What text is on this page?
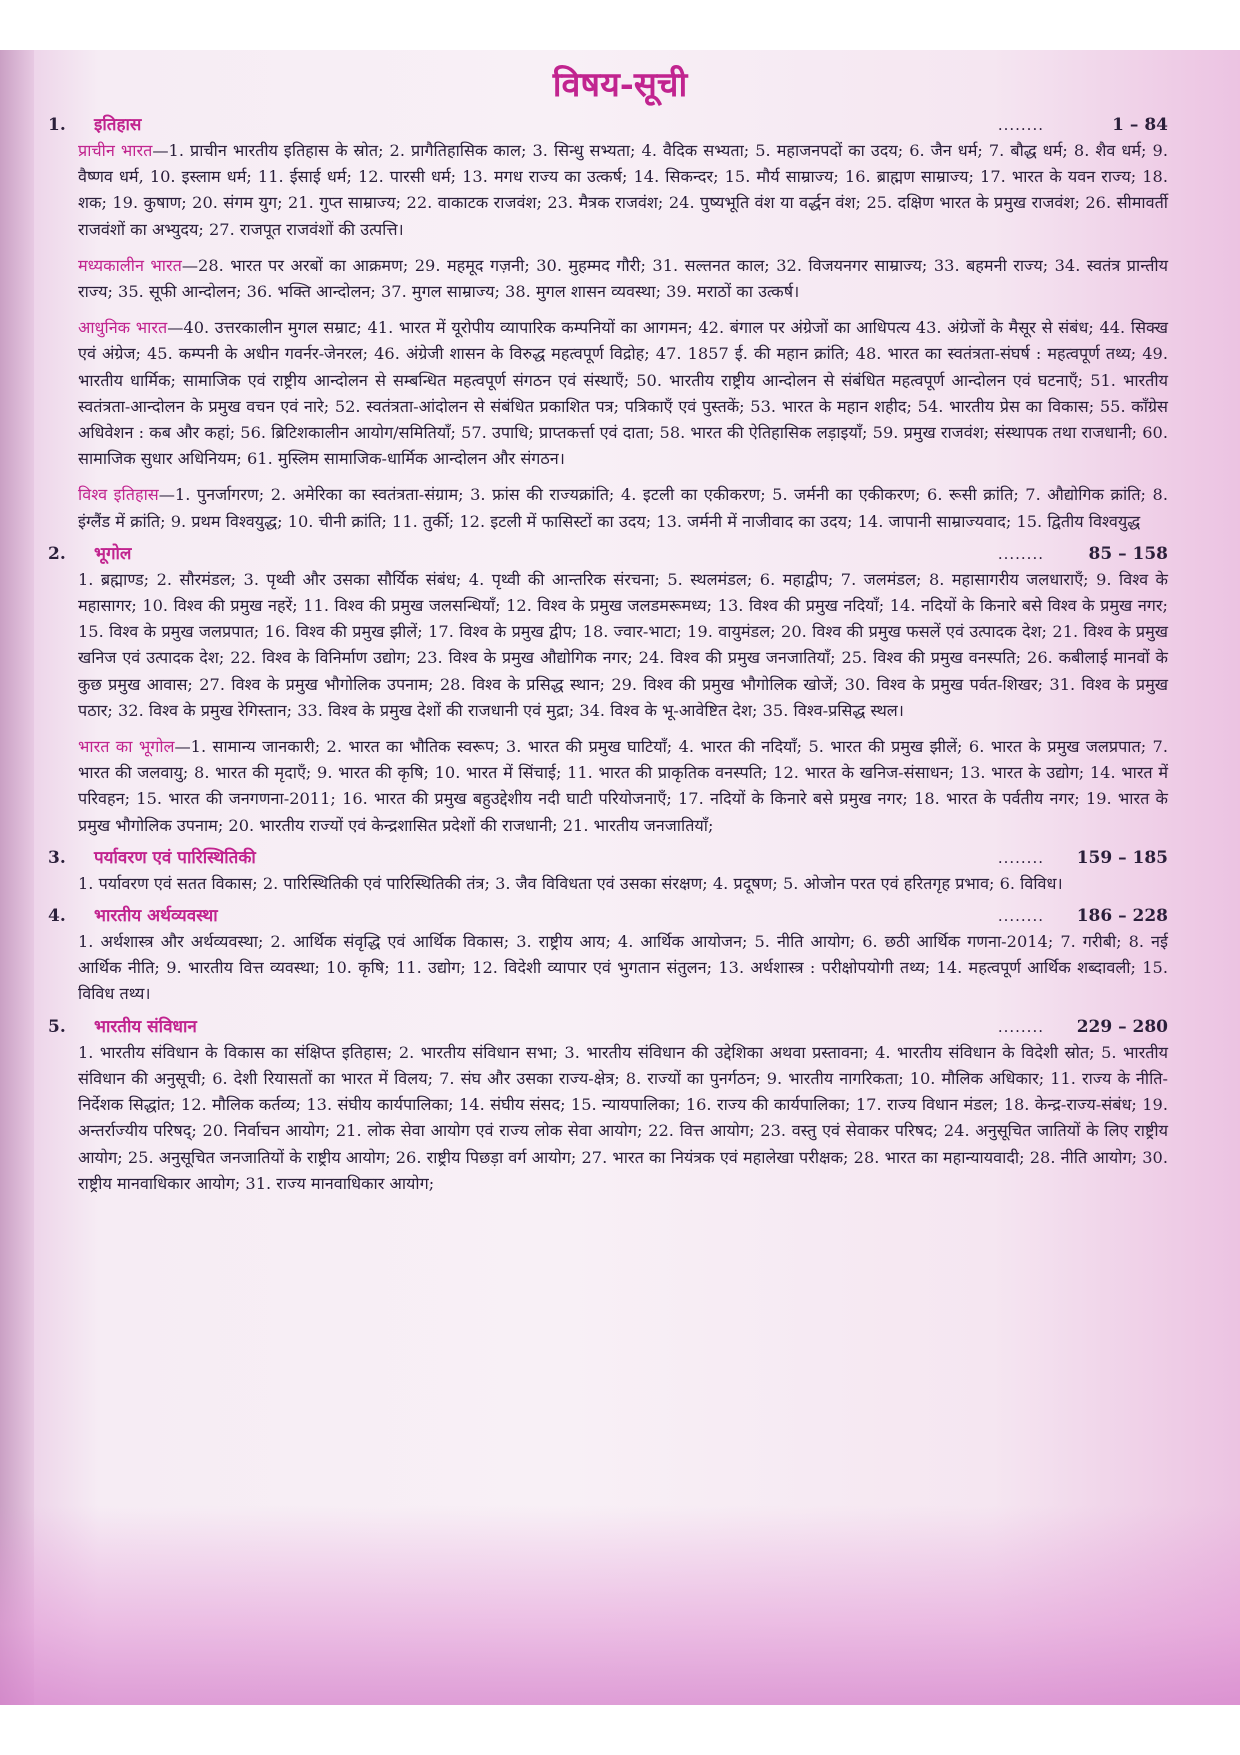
विषय-सूची
1.	इतिहास	........	1 – 84

प्राचीन भारत—1. प्राचीन भारतीय इतिहास के स्रोत; 2. प्रागैतिहासिक काल; 3. सिन्धु सभ्यता; 4. वैदिक सभ्यता; 5. महाजनपदों का उदय; 6. जैन धर्म; 7. बौद्ध धर्म; 8. शैव धर्म; 9. वैष्णव धर्म, 10. इस्लाम धर्म; 11. ईसाई धर्म; 12. पारसी धर्म; 13. मगध राज्य का उत्कर्ष; 14. सिकन्दर; 15. मौर्य साम्राज्य; 16. ब्राह्मण साम्राज्य; 17. भारत के यवन राज्य; 18. शक; 19. कुषाण; 20. संगम युग; 21. गुप्त साम्राज्य; 22. वाकाटक राजवंश; 23. मैत्रक राजवंश; 24. पुष्यभूति वंश या वर्द्धन वंश; 25. दक्षिण भारत के प्रमुख राजवंश; 26. सीमावर्ती राजवंशों का अभ्युदय; 27. राजपूत राजवंशों की उत्पत्ति।

मध्यकालीन भारत—28. भारत पर अरबों का आक्रमण; 29. महमूद गज़नी; 30. मुहम्मद गौरी; 31. सल्तनत काल; 32. विजयनगर साम्राज्य; 33. बहमनी राज्य; 34. स्वतंत्र प्रान्तीय राज्य; 35. सूफी आन्दोलन; 36. भक्ति आन्दोलन; 37. मुगल साम्राज्य; 38. मुगल शासन व्यवस्था; 39. मराठों का उत्कर्ष।

आधुनिक भारत—40. उत्तरकालीन मुगल सम्राट; 41. भारत में यूरोपीय व्यापारिक कम्पनियों का आगमन; 42. बंगाल पर अंग्रेजों का आधिपत्य 43. अंग्रेजों के मैसूर से संबंध; 44. सिक्ख एवं अंग्रेज; 45. कम्पनी के अधीन गवर्नर-जेनरल; 46. अंग्रेजी शासन के विरुद्ध महत्वपूर्ण विद्रोह; 47. 1857 ई. की महान क्रांति; 48. भारत का स्वतंत्रता-संघर्ष : महत्वपूर्ण तथ्य; 49. भारतीय धार्मिक; सामाजिक एवं राष्ट्रीय आन्दोलन से सम्बन्धित महत्वपूर्ण संगठन एवं संस्थाएँ; 50. भारतीय राष्ट्रीय आन्दोलन से संबंधित महत्वपूर्ण आन्दोलन एवं घटनाएँ; 51. भारतीय स्वतंत्रता-आन्दोलन के प्रमुख वचन एवं नारे; 52. स्वतंत्रता-आंदोलन से संबंधित प्रकाशित पत्र; पत्रिकाएँ एवं पुस्तकें; 53. भारत के महान शहीद; 54. भारतीय प्रेस का विकास; 55. काँग्रेस अधिवेशन : कब और कहां; 56. ब्रिटिशकालीन आयोग/समितियाँ; 57. उपाधि; प्राप्तकर्त्ता एवं दाता; 58. भारत की ऐतिहासिक लड़ाइयाँ; 59. प्रमुख राजवंश; संस्थापक तथा राजधानी; 60. सामाजिक सुधार अधिनियम; 61. मुस्लिम सामाजिक-धार्मिक आन्दोलन और संगठन।

विश्व इतिहास—1. पुनर्जागरण; 2. अमेरिका का स्वतंत्रता-संग्राम; 3. फ्रांस की राज्यक्रांति; 4. इटली का एकीकरण; 5. जर्मनी का एकीकरण; 6. रूसी क्रांति; 7. औद्योगिक क्रांति; 8. इंग्लैंड में क्रांति; 9. प्रथम विश्वयुद्ध; 10. चीनी क्रांति; 11. तुर्की; 12. इटली में फासिस्टों का उदय; 13. जर्मनी में नाजीवाद का उदय; 14. जापानी साम्राज्यवाद; 15. द्वितीय विश्वयुद्ध

2.	भूगोल	........	85 – 158

1. ब्रह्माण्ड; 2. सौरमंडल; 3. पृथ्वी और उसका सौर्यिक संबंध; 4. पृथ्वी की आन्तरिक संरचना; 5. स्थलमंडल; 6. महाद्वीप; 7. जलमंडल; 8. महासागरीय जलधाराएँ; 9. विश्व के महासागर; 10. विश्व की प्रमुख नहरें; 11. विश्व की प्रमुख जलसन्धियाँ; 12. विश्व के प्रमुख जलडमरूमध्य; 13. विश्व की प्रमुख नदियाँ; 14. नदियों के किनारे बसे विश्व के प्रमुख नगर; 15. विश्व के प्रमुख जलप्रपात; 16. विश्व की प्रमुख झीलें; 17. विश्व के प्रमुख द्वीप; 18. ज्वार-भाटा; 19. वायुमंडल; 20. विश्व की प्रमुख फसलें एवं उत्पादक देश; 21. विश्व के प्रमुख खनिज एवं उत्पादक देश; 22. विश्व के विनिर्माण उद्योग; 23. विश्व के प्रमुख औद्योगिक नगर; 24. विश्व की प्रमुख जनजातियाँ; 25. विश्व की प्रमुख वनस्पति; 26. कबीलाई मानवों के कुछ प्रमुख आवास; 27. विश्व के प्रमुख भौगोलिक उपनाम; 28. विश्व के प्रसिद्ध स्थान; 29. विश्व की प्रमुख भौगोलिक खोजें; 30. विश्व के प्रमुख पर्वत-शिखर; 31. विश्व के प्रमुख पठार; 32. विश्व के प्रमुख रेगिस्तान; 33. विश्व के प्रमुख देशों की राजधानी एवं मुद्रा; 34. विश्व के भू-आवेष्टित देश; 35. विश्व-प्रसिद्ध स्थल।

भारत का भूगोल—1. सामान्य जानकारी; 2. भारत का भौतिक स्वरूप; 3. भारत की प्रमुख घाटियाँ; 4. भारत की नदियाँ; 5. भारत की प्रमुख झीलें; 6. भारत के प्रमुख जलप्रपात; 7. भारत की जलवायु; 8. भारत की मृदाएँ; 9. भारत की कृषि; 10. भारत में सिंचाई; 11. भारत की प्राकृतिक वनस्पति; 12. भारत के खनिज-संसाधन; 13. भारत के उद्योग; 14. भारत में परिवहन; 15. भारत की जनगणना-2011; 16. भारत की प्रमुख बहुउद्देशीय नदी घाटी परियोजनाएँ; 17. नदियों के किनारे बसे प्रमुख नगर; 18. भारत के पर्वतीय नगर; 19. भारत के प्रमुख भौगोलिक उपनाम; 20. भारतीय राज्यों एवं केन्द्रशासित प्रदेशों की राजधानी; 21. भारतीय जनजातियाँ;

3.	पर्यावरण एवं पारिस्थितिकी	........	159 – 185

1. पर्यावरण एवं सतत विकास; 2. पारिस्थितिकी एवं पारिस्थितिकी तंत्र; 3. जैव विविधता एवं उसका संरक्षण; 4. प्रदूषण; 5. ओजोन परत एवं हरितगृह प्रभाव; 6. विविध।

4.	भारतीय अर्थव्यवस्था	........	186 – 228

1. अर्थशास्त्र और अर्थव्यवस्था; 2. आर्थिक संवृद्धि एवं आर्थिक विकास; 3. राष्ट्रीय आय; 4. आर्थिक आयोजन; 5. नीति आयोग; 6. छठी आर्थिक गणना-2014; 7. गरीबी; 8. नई आर्थिक नीति; 9. भारतीय वित्त व्यवस्था; 10. कृषि; 11. उद्योग; 12. विदेशी व्यापार एवं भुगतान संतुलन; 13. अर्थशास्त्र : परीक्षोपयोगी तथ्य; 14. महत्वपूर्ण आर्थिक शब्दावली; 15. विविध तथ्य।

5.	भारतीय संविधान	........	229 – 280

1. भारतीय संविधान के विकास का संक्षिप्त इतिहास; 2. भारतीय संविधान सभा; 3. भारतीय संविधान की उद्देशिका अथवा प्रस्तावना; 4. भारतीय संविधान के विदेशी स्रोत; 5. भारतीय संविधान की अनुसूची; 6. देशी रियासतों का भारत में विलय; 7. संघ और उसका राज्य-क्षेत्र; 8. राज्यों का पुनर्गठन; 9. भारतीय नागरिकता; 10. मौलिक अधिकार; 11. राज्य के नीति-निर्देशक सिद्धांत; 12. मौलिक कर्तव्य; 13. संघीय कार्यपालिका; 14. संघीय संसद; 15. न्यायपालिका; 16. राज्य की कार्यपालिका; 17. राज्य विधान मंडल; 18. केन्द्र-राज्य-संबंध; 19. अन्तर्राज्यीय परिषद्; 20. निर्वाचन आयोग; 21. लोक सेवा आयोग एवं राज्य लोक सेवा आयोग; 22. वित्त आयोग; 23. वस्तु एवं सेवाकर परिषद; 24. अनुसूचित जातियों के लिए राष्ट्रीय आयोग; 25. अनुसूचित जनजातियों के राष्ट्रीय आयोग; 26. राष्ट्रीय पिछड़ा वर्ग आयोग; 27. भारत का नियंत्रक एवं महालेखा परीक्षक; 28. भारत का महान्यायवादी; 28. नीति आयोग; 30. राष्ट्रीय मानवाधिकार आयोग; 31. राज्य मानवाधिकार आयोग;
